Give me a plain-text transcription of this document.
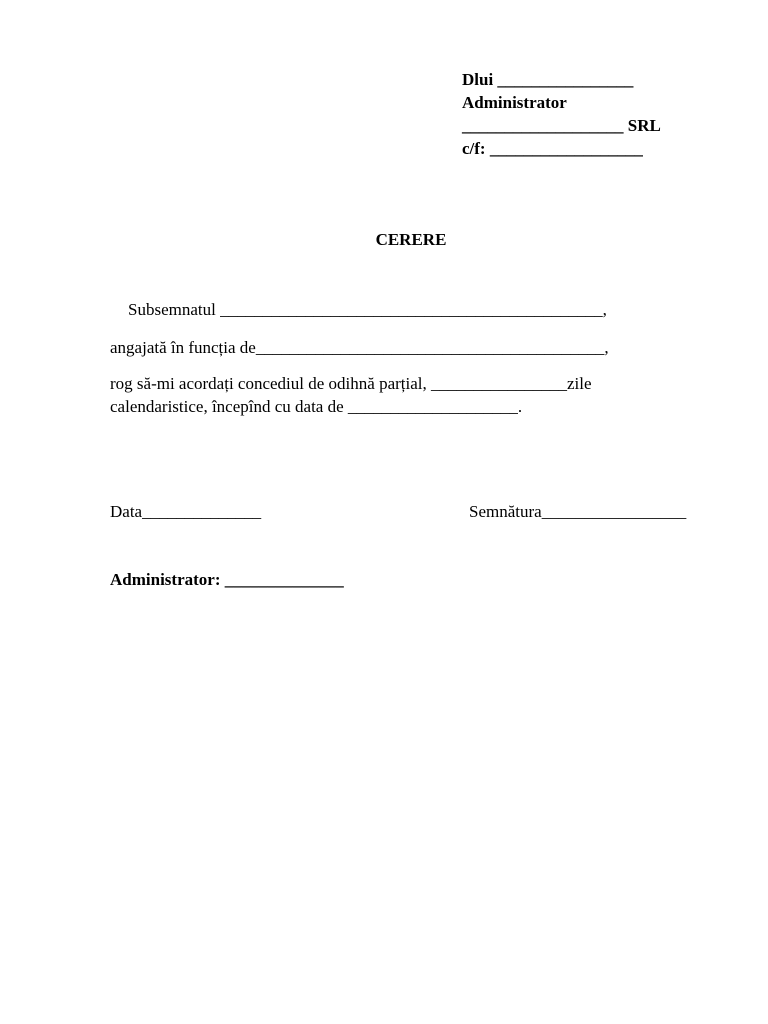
Dlui ________________
Administrator
___________________ SRL
c/f: __________________
CERERE
Subsemnatul _____________________________________________,
angajată în funcția de_________________________________________,
rog să-mi acordați concediul de odihnă parțial, ________________zile
calendaristice, începînd cu data de ____________________.
Data______________	Semnătura_________________
Administrator: ______________
